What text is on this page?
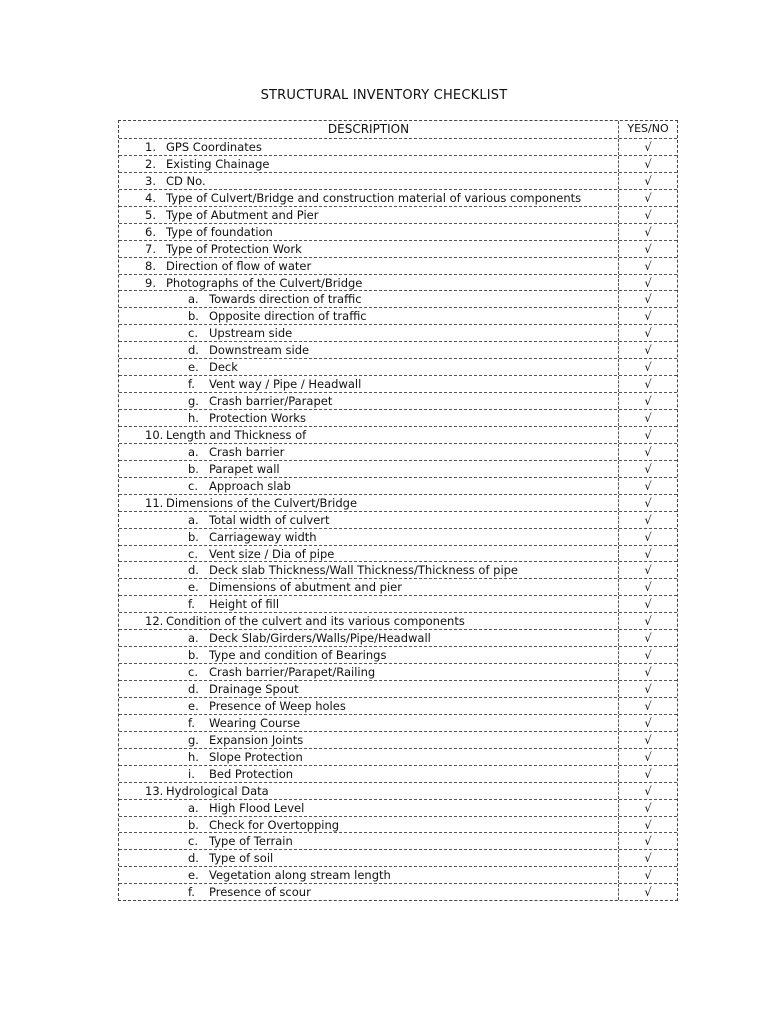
STRUCTURAL INVENTORY CHECKLIST
DESCRIPTION	YES/NO
1. GPS Coordinates	√
2. Existing Chainage	√
3. CD No.	√
4. Type of Culvert/Bridge and construction material of various components	√
5. Type of Abutment and Pier	√
6. Type of foundation	√
7. Type of Protection Work	√
8. Direction of flow of water	√
9. Photographs of the Culvert/Bridge	√
a. Towards direction of traffic	√
b. Opposite direction of traffic	√
c. Upstream side	√
d. Downstream side	√
e. Deck	√
f. Vent way / Pipe / Headwall	√
g. Crash barrier/Parapet	√
h. Protection Works	√
10. Length and Thickness of	√
a. Crash barrier	√
b. Parapet wall	√
c. Approach slab	√
11. Dimensions of the Culvert/Bridge	√
a. Total width of culvert	√
b. Carriageway width	√
c. Vent size / Dia of pipe	√
d. Deck slab Thickness/Wall Thickness/Thickness of pipe	√
e. Dimensions of abutment and pier	√
f. Height of fill	√
12. Condition of the culvert and its various components	√
a. Deck Slab/Girders/Walls/Pipe/Headwall	√
b. Type and condition of Bearings	√
c. Crash barrier/Parapet/Railing	√
d. Drainage Spout	√
e. Presence of Weep holes	√
f. Wearing Course	√
g. Expansion Joints	√
h. Slope Protection	√
i. Bed Protection	√
13. Hydrological Data	√
a. High Flood Level	√
b. Check for Overtopping	√
c. Type of Terrain	√
d. Type of soil	√
e. Vegetation along stream length	√
f. Presence of scour	√
